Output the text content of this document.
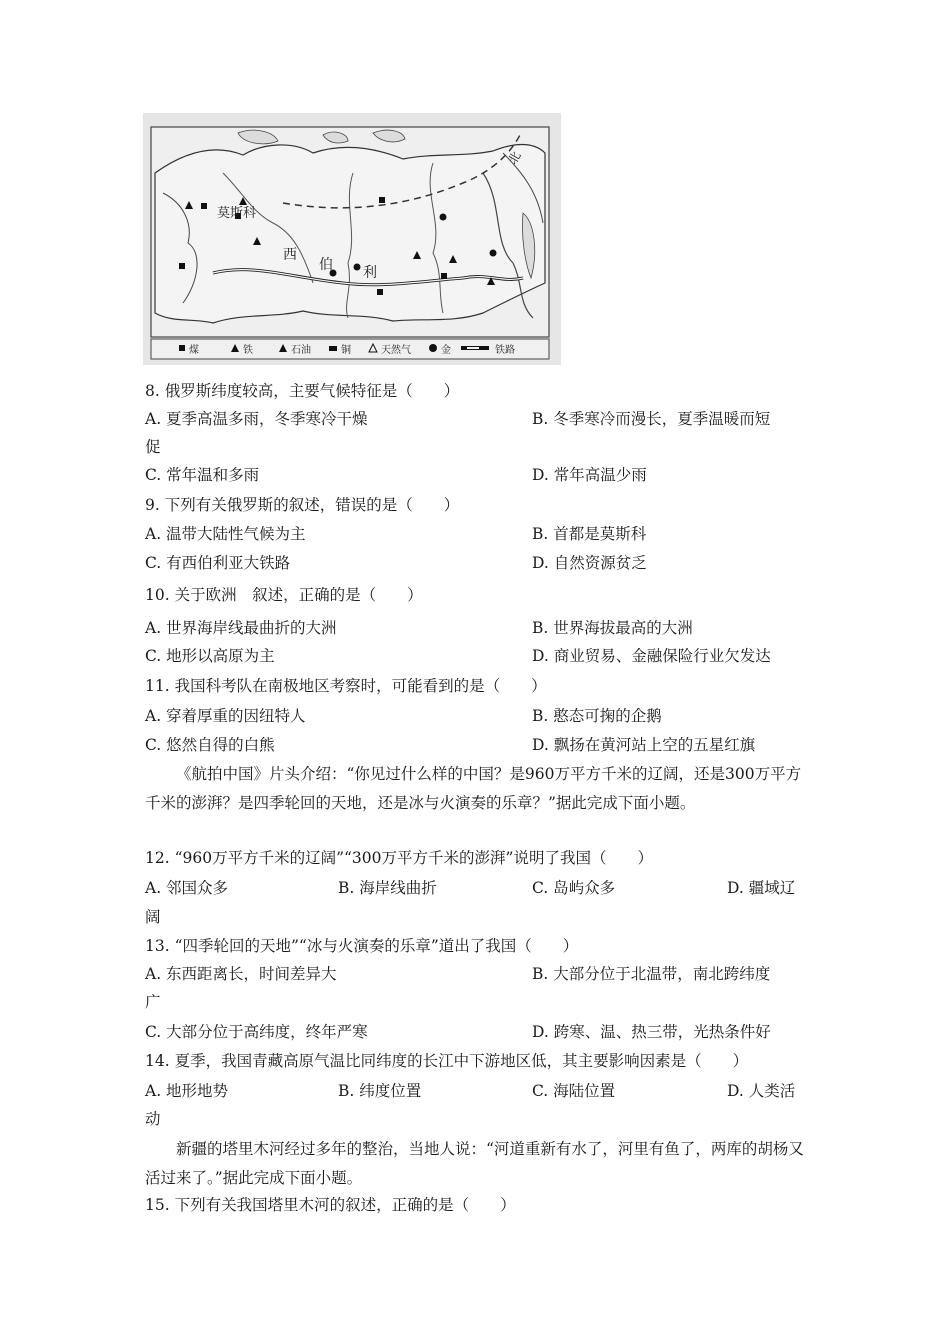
莫斯科
西
伯 利
北
煤	铁	石油	铜	天然气	金	铁路
8. 俄罗斯纬度较高，主要气候特征是（　　）
A. 夏季高温多雨，冬季寒冷干燥	B. 冬季寒冷而漫长，夏季温暖而短
促
C. 常年温和多雨	D. 常年高温少雨
9. 下列有关俄罗斯的叙述，错误的是（　　）
A. 温带大陆性气候为主	B. 首都是莫斯科
C. 有西伯利亚大铁路	D. 自然资源贫乏
10. 关于欧洲　叙述，正确的是（　　）
A. 世界海岸线最曲折的大洲	B. 世界海拔最高的大洲
C. 地形以高原为主	D. 商业贸易、金融保险行业欠发达
11. 我国科考队在南极地区考察时，可能看到的是（　　）
A. 穿着厚重的因纽特人	B. 憨态可掬的企鹅
C. 悠然自得的白熊	D. 飘扬在黄河站上空的五星红旗
《航拍中国》片头介绍：“你见过什么样的中国？是960万平方千米的辽阔，还是300万平方千米的澎湃？是四季轮回的天地，还是冰与火演奏的乐章？”据此完成下面小题。
12. “960万平方千米的辽阔”“300万平方千米的澎湃”说明了我国（　　）
A. 邻国众多	B. 海岸线曲折	C. 岛屿众多	D. 疆域辽
阔
13. “四季轮回的天地”“冰与火演奏的乐章”道出了我国（　　）
A. 东西距离长，时间差异大	B. 大部分位于北温带，南北跨纬度
广
C. 大部分位于高纬度，终年严寒	D. 跨寒、温、热三带，光热条件好
14. 夏季，我国青藏高原气温比同纬度的长江中下游地区低，其主要影响因素是（　　）
A. 地形地势	B. 纬度位置	C. 海陆位置	D. 人类活
动
新疆的塔里木河经过多年的整治，当地人说：“河道重新有水了，河里有鱼了，两库的胡杨又活过来了。”据此完成下面小题。
15. 下列有关我国塔里木河的叙述，正确的是（　　）
